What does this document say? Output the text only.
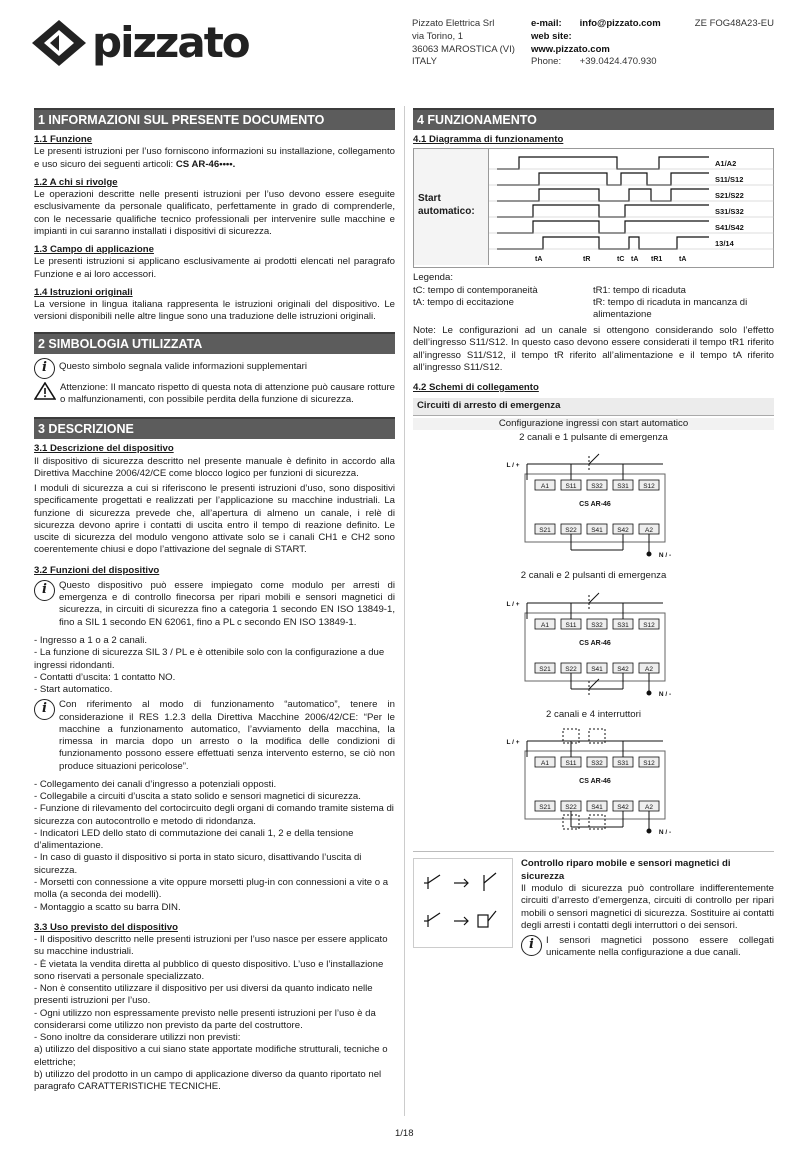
pizzato	Pizzato Elettrica Srl
via Torino, 1
36063 MAROSTICA (VI)
ITALY
e-mail: info@pizzato.com
web site:
www.pizzato.com
Phone: +39.0424.470.930
ZE FOG48A23-EU
1 INFORMAZIONI SUL PRESENTE DOCUMENTO
1.1 Funzione

Le presenti istruzioni per l’uso forniscono informazioni su installazione, collegamento e uso sicuro dei seguenti articoli: CS AR-46••••.

1.2 A chi si rivolge

Le operazioni descritte nelle presenti istruzioni per l’uso devono essere eseguite esclusivamente da personale qualificato, perfettamente in grado di comprenderle, con le necessarie qualifiche tecnico professionali per intervenire sulle macchine e impianti in cui saranno installati i dispositivi di sicurezza.

1.3 Campo di applicazione

Le presenti istruzioni si applicano esclusivamente ai prodotti elencati nel paragrafo Funzione e ai loro accessori.

1.4 Istruzioni originali

La versione in lingua italiana rappresenta le istruzioni originali del dispositivo. Le versioni disponibili nelle altre lingue sono una traduzione delle istruzioni originali.

2 SIMBOLOGIA UTILIZZATA
i	Questo simbolo segnala valide informazioni supplementari

Attenzione: Il mancato rispetto di questa nota di attenzione può causare rotture o malfunzionamenti, con possibile perdita della funzione di sicurezza.

3 DESCRIZIONE
3.1 Descrizione del dispositivo

Il dispositivo di sicurezza descritto nel presente manuale è definito in accordo alla Direttiva Macchine 2006/42/CE come blocco logico per funzioni di sicurezza.

I moduli di sicurezza a cui si riferiscono le presenti istruzioni d’uso, sono dispositivi specificamente progettati e realizzati per l’applicazione su macchine industriali. La funzione di sicurezza prevede che, all’apertura di almeno un canale, i relè di sicurezza devono aprire i contatti di uscita entro il tempo di reazione definito. Le uscite di sicurezza del modulo vengono attivate solo se i canali CH1 e CH2 sono coerentemente chiusi e dopo l’attivazione del segnale di START.

3.2 Funzioni del dispositivo
i	Questo dispositivo può essere impiegato come modulo per arresti di emergenza e di controllo finecorsa per ripari mobili e sensori magnetici di sicurezza, in circuiti di sicurezza fino a categoria 1 secondo EN ISO 13849-1, fino a SIL 1 secondo EN 62061, fino a PL c secondo EN ISO 13849-1.

- Ingresso a 1 o a 2 canali.
- La funzione di sicurezza SIL 3 / PL e è ottenibile solo con la configurazione a due ingressi ridondanti.
- Contatti d’uscita: 1 contatto NO.
- Start automatico.
i	Con riferimento al modo di funzionamento “automatico”, tenere in considerazione il RES 1.2.3 della Direttiva Macchine 2006/42/CE: “Per le macchine a funzionamento automatico, l’avviamento della macchina, la rimessa in marcia dopo un arresto o la modifica delle condizioni di funzionamento possono essere effettuati senza intervento esterno, se ciò non produce situazioni pericolose”.

- Collegamento dei canali d’ingresso a potenziali opposti.
- Collegabile a circuiti d’uscita a stato solido e sensori magnetici di sicurezza.
- Funzione di rilevamento del cortocircuito degli organi di comando tramite sistema di sicurezza con autocontrollo e metodo di ridondanza.
- Indicatori LED dello stato di commutazione dei canali 1, 2 e della tensione d’alimentazione.
- In caso di guasto il dispositivo si porta in stato sicuro, disattivando l’uscita di sicurezza.
- Morsetti con connessione a vite oppure morsetti plug-in con connessioni a vite o a molla (a seconda dei modelli).
- Montaggio a scatto su barra DIN.
3.3 Uso previsto del dispositivo
- Il dispositivo descritto nelle presenti istruzioni per l’uso nasce per essere applicato su macchine industriali.
- È vietata la vendita diretta al pubblico di questo dispositivo. L’uso e l’installazione sono riservati a personale specializzato.
- Non è consentito utilizzare il dispositivo per usi diversi da quanto indicato nelle presenti istruzioni per l’uso.
- Ogni utilizzo non espressamente previsto nelle presenti istruzioni per l’uso è da considerarsi come utilizzo non previsto da parte del costruttore.
- Sono inoltre da considerare utilizzi non previsti:
a) utilizzo del dispositivo a cui siano state apportate modifiche strutturali, tecniche o elettriche;
b) utilizzo del prodotto in un campo di applicazione diverso da quanto riportato nel paragrafo CARATTERISTICHE TECNICHE.
4 FUNZIONAMENTO
4.1 Diagramma di funzionamento
Start automatico:
A1/A2
S11/S12
S21/S22
S31/S32
S41/S42
13/14
tA	tR	tC tA tR1 tA
Legenda:
tC: tempo di contemporaneità	tR1: tempo di ricaduta
tA: tempo di eccitazione	tR: tempo di ricaduta in mancanza di alimentazione

Note: Le configurazioni ad un canale si ottengono considerando solo l’effetto dell’ingresso S11/S12. In questo caso devono essere considerati il tempo tR1 riferito all’ingresso S11/S12, il tempo tR riferito all’alimentazione e il tempo tA riferito all’ingresso S11/S12.

4.2 Schemi di collegamento
Circuiti di arresto di emergenza
Configurazione ingressi con start automatico
2 canali e 1 pulsante di emergenza
A1
S21
S11
S22
S32
S41
S31
S42
S12
A2
CS AR-46
L / +
N / -
2 canali e 2 pulsanti di emergenza
A1
S21
S11
S22
S32
S41
S31
S42
S12
A2
CS AR-46
L / +
N / -
2 canali e 4 interruttori
A1
S21
S11
S22
S32
S41
S31
S42
S12
A2
CS AR-46
L / +
N / -
Controllo riparo mobile e sensori magnetici di sicurezza

Il modulo di sicurezza può controllare indifferentemente circuiti d’arresto d’emergenza, circuiti di controllo per ripari mobili o sensori magnetici di sicurezza. Sostituire ai contatti degli arresti i contatti degli interruttori o dei sensori.

i	I sensori magnetici possono essere collegati unicamente nella configurazione a due canali.

1/18
